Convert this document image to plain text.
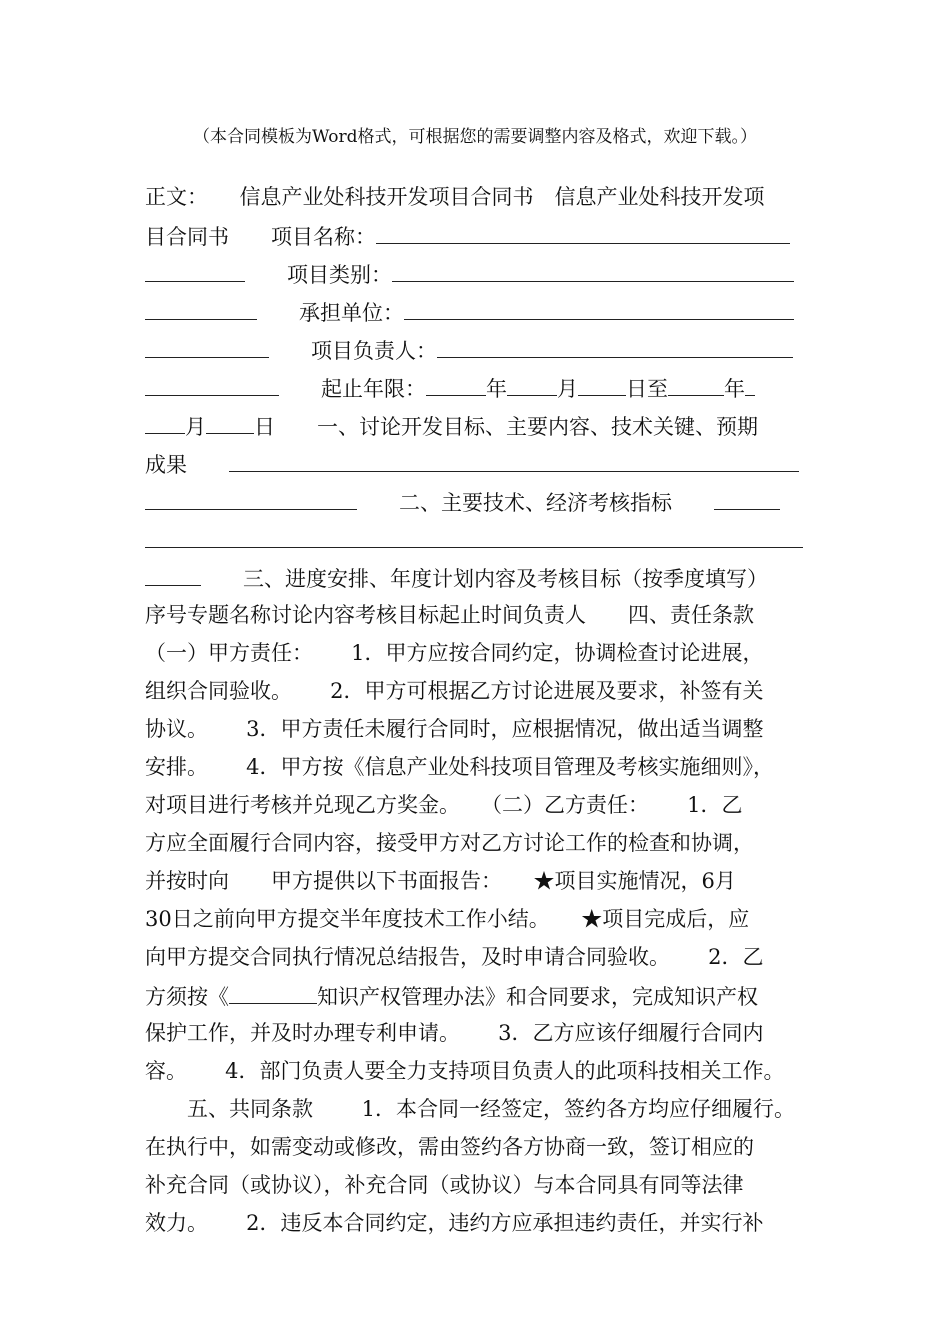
（本合同模板为Word格式，可根据您的需要调整内容及格式，欢迎下载。）
正文：　　信息产业处科技开发项目合同书　信息产业处科技开发项
目合同书　　项目名称：
　　项目类别：
　　承担单位：
　　项目负责人：
　　起止年限：	年 月 日至	年
月 日　　一、讨论开发目标、主要内容、技术关键、预期
成果　　
　　二、主要技术、经济考核指标　　
　　三、进度安排、年度计划内容及考核目标（按季度填写）
序号专题名称讨论内容考核目标起止时间负责人　　四、责任条款
（一）甲方责任：　　 1．甲方应按合同约定，协调检查讨论进展，
组织合同验收。　　 2．甲方可根据乙方讨论进展及要求，补签有关
协议。　　 3．甲方责任未履行合同时，应根据情况，做出适当调整
安排。　　 4．甲方按《信息产业处科技项目管理及考核实施细则》，
对项目进行考核并兑现乙方奖金。　　（二）乙方责任：　　 1．乙
方应全面履行合同内容，接受甲方对乙方讨论工作的检查和协调，
并按时向　　甲方提供以下书面报告：　　★项目实施情况，6月
30日之前向甲方提交半年度技术工作小结。　　★项目完成后，应
向甲方提交合同执行情况总结报告，及时申请合同验收。　　 2．乙
方须按《	知识产权管理办法》和合同要求，完成知识产权
保护工作，并及时办理专利申请。　　 3．乙方应该仔细履行合同内
容。　　 4．部门负责人要全力支持项目负责人的此项科技相关工作。
　　五、共同条款　　 1．本合同一经签定，签约各方均应仔细履行。
在执行中，如需变动或修改，需由签约各方协商一致，签订相应的
补充合同（或协议），补充合同（或协议）与本合同具有同等法律
效力。　　 2．违反本合同约定，违约方应承担违约责任，并实行补
